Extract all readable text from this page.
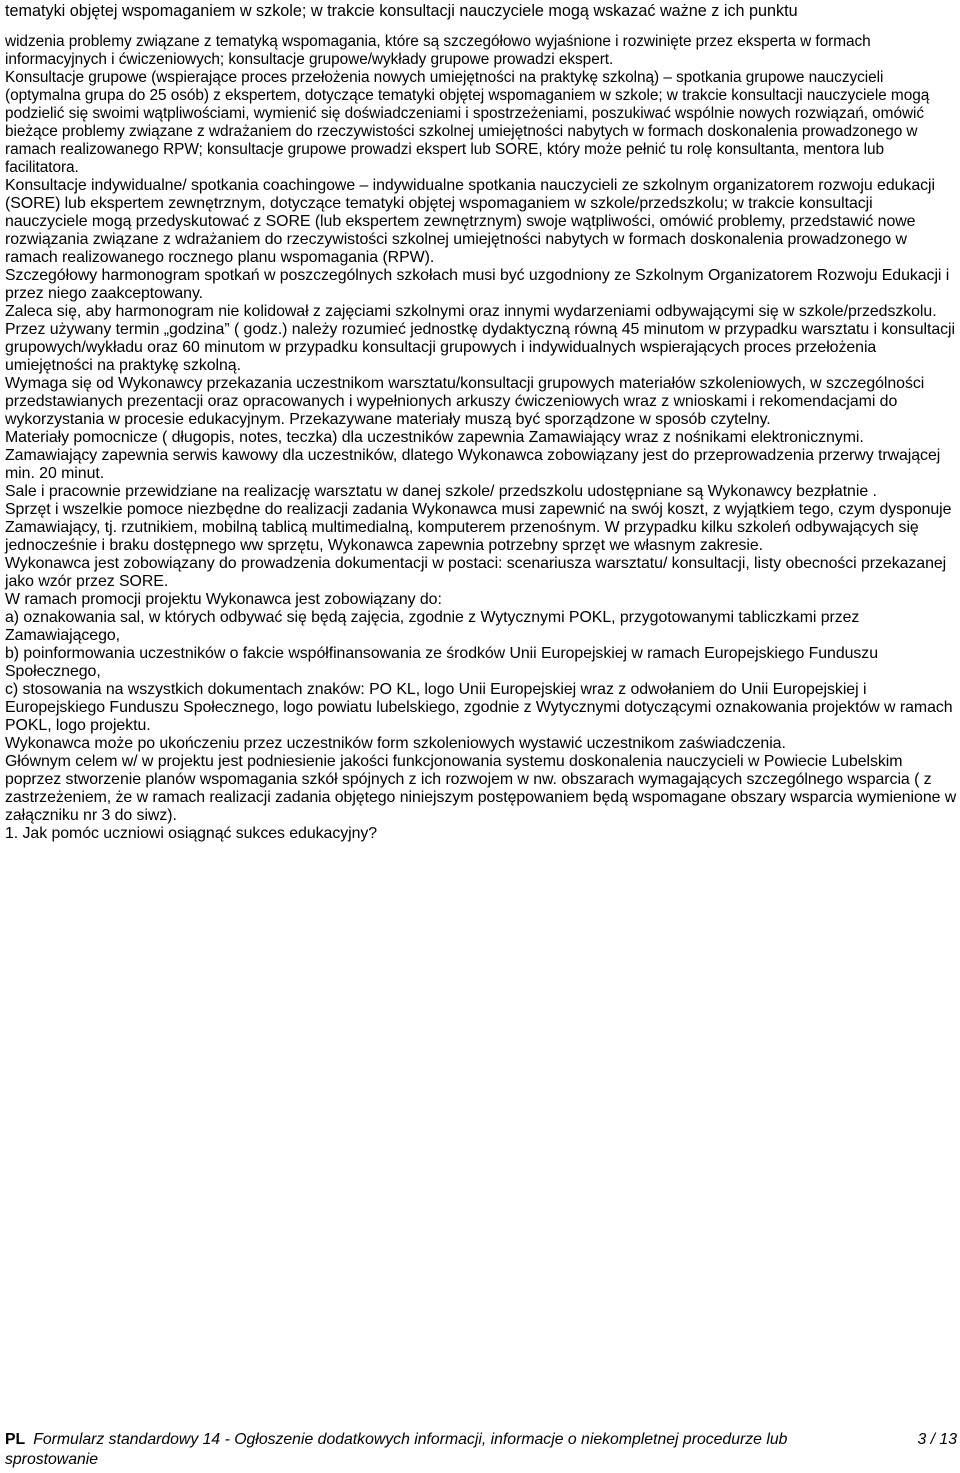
tematyki objętej wspomaganiem w szkole; w trakcie konsultacji nauczyciele mogą wskazać ważne z ich punktu

widzenia problemy związane z tematyką wspomagania, które są szczegółowo wyjaśnione i rozwinięte przez eksperta w formach informacyjnych i ćwiczeniowych; konsultacje grupowe/wykłady grupowe prowadzi ekspert.

Konsultacje grupowe (wspierające proces przełożenia nowych umiejętności na praktykę szkolną) – spotkania grupowe nauczycieli (optymalna grupa do 25 osób) z ekspertem, dotyczące tematyki objętej wspomaganiem w szkole; w trakcie konsultacji nauczyciele mogą podzielić się swoimi wątpliwościami, wymienić się doświadczeniami i spostrzeżeniami, poszukiwać wspólnie nowych rozwiązań, omówić bieżące problemy związane z wdrażaniem do rzeczywistości szkolnej umiejętności nabytych w formach doskonalenia prowadzonego w ramach realizowanego RPW; konsultacje grupowe prowadzi ekspert lub SORE, który może pełnić tu rolę konsultanta, mentora lub facilitatora.

Konsultacje indywidualne/ spotkania coachingowe – indywidualne spotkania nauczycieli ze szkolnym organizatorem rozwoju edukacji (SORE) lub ekspertem zewnętrznym, dotyczące tematyki objętej wspomaganiem w szkole/przedszkolu; w trakcie konsultacji nauczyciele mogą przedyskutować z SORE (lub ekspertem zewnętrznym) swoje wątpliwości, omówić problemy, przedstawić nowe rozwiązania związane z wdrażaniem do rzeczywistości szkolnej umiejętności nabytych w formach doskonalenia prowadzonego w ramach realizowanego rocznego planu wspomagania (RPW).

Szczegółowy harmonogram spotkań w poszczególnych szkołach musi być uzgodniony ze Szkolnym Organizatorem Rozwoju Edukacji i przez niego zaakceptowany.

Zaleca się, aby harmonogram nie kolidował z zajęciami szkolnymi oraz innymi wydarzeniami odbywającymi się w szkole/przedszkolu.

Przez używany termin „godzina” ( godz.) należy rozumieć jednostkę dydaktyczną równą 45 minutom w przypadku warsztatu i konsultacji grupowych/wykładu oraz 60 minutom w przypadku konsultacji grupowych i indywidualnych wspierających proces przełożenia umiejętności na praktykę szkolną.

Wymaga się od Wykonawcy przekazania uczestnikom warsztatu/konsultacji grupowych materiałów szkoleniowych, w szczególności przedstawianych prezentacji oraz opracowanych i wypełnionych arkuszy ćwiczeniowych wraz z wnioskami i rekomendacjami do wykorzystania w procesie edukacyjnym. Przekazywane materiały muszą być sporządzone w sposób czytelny.

Materiały pomocnicze ( długopis, notes, teczka) dla uczestników zapewnia Zamawiający wraz z nośnikami elektronicznymi.

Zamawiający zapewnia serwis kawowy dla uczestników, dlatego Wykonawca zobowiązany jest do przeprowadzenia przerwy trwającej min. 20 minut.

Sale i pracownie przewidziane na realizację warsztatu w danej szkole/ przedszkolu udostępniane są Wykonawcy bezpłatnie .

Sprzęt i wszelkie pomoce niezbędne do realizacji zadania Wykonawca musi zapewnić na swój koszt, z wyjątkiem tego, czym dysponuje Zamawiający, tj. rzutnikiem, mobilną tablicą multimedialną, komputerem przenośnym. W przypadku kilku szkoleń odbywających się jednocześnie i braku dostępnego ww sprzętu, Wykonawca zapewnia potrzebny sprzęt we własnym zakresie.

Wykonawca jest zobowiązany do prowadzenia dokumentacji w postaci: scenariusza warsztatu/ konsultacji, listy obecności przekazanej jako wzór przez SORE.

W ramach promocji projektu Wykonawca jest zobowiązany do:

a) oznakowania sal, w których odbywać się będą zajęcia, zgodnie z Wytycznymi POKL, przygotowanymi tabliczkami przez Zamawiającego,

b) poinformowania uczestników o fakcie współfinansowania ze środków Unii Europejskiej w ramach Europejskiego Funduszu Społecznego,

c) stosowania na wszystkich dokumentach znaków: PO KL, logo Unii Europejskiej wraz z odwołaniem do Unii Europejskiej i Europejskiego Funduszu Społecznego, logo powiatu lubelskiego, zgodnie z Wytycznymi dotyczącymi oznakowania projektów w ramach POKL, logo projektu.

Wykonawca może po ukończeniu przez uczestników form szkoleniowych wystawić uczestnikom zaświadczenia.

Głównym celem w/ w projektu jest podniesienie jakości funkcjonowania systemu doskonalenia nauczycieli w Powiecie Lubelskim poprzez stworzenie planów wspomagania szkół spójnych z ich rozwojem w nw. obszarach wymagających szczególnego wsparcia ( z zastrzeżeniem, że w ramach realizacji zadania objętego niniejszym postępowaniem będą wspomagane obszary wsparcia wymienione w załączniku nr 3 do siwz).

1. Jak pomóc uczniowi osiągnąć sukces edukacyjny?

PL Formularz standardowy 14 - Ogłoszenie dodatkowych informacji, informacje o niekompletnej procedurze lub sprostowanie
3 / 13
